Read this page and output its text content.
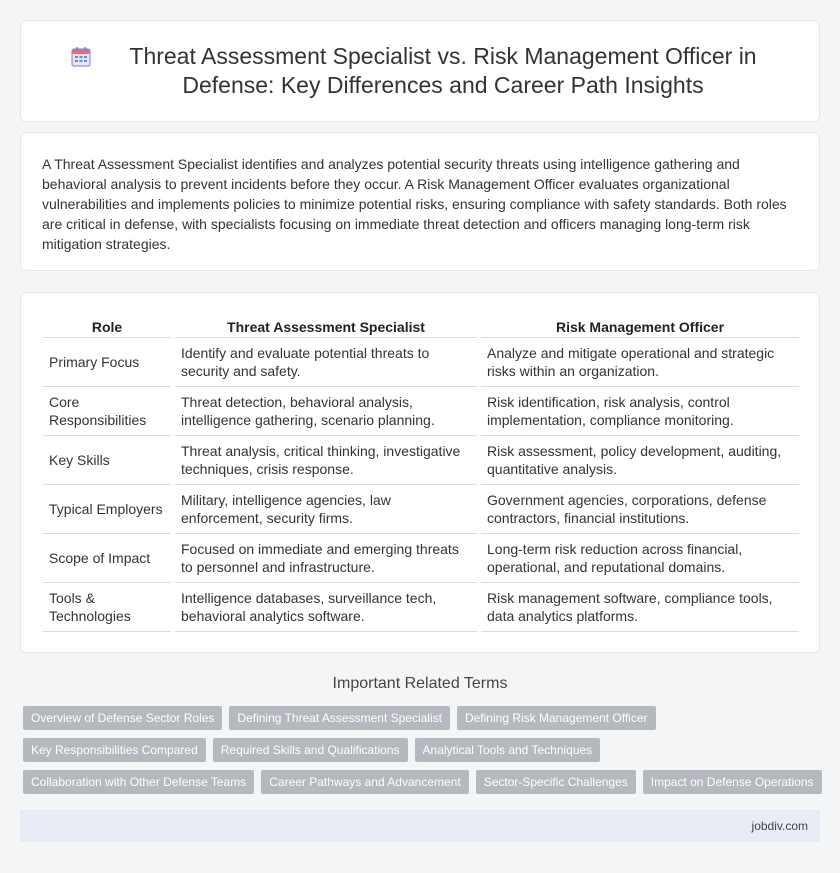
Threat Assessment Specialist vs. Risk Management Officer in Defense: Key Differences and Career Path Insights

A Threat Assessment Specialist identifies and analyzes potential security threats using intelligence gathering and behavioral analysis to prevent incidents before they occur. A Risk Management Officer evaluates organizational vulnerabilities and implements policies to minimize potential risks, ensuring compliance with safety standards. Both roles are critical in defense, with specialists focusing on immediate threat detection and officers managing long-term risk mitigation strategies.

Role	Threat Assessment Specialist	Risk Management Officer
Primary Focus	Identify and evaluate potential threats to security and safety.	Analyze and mitigate operational and strategic risks within an organization.
Core Responsibilities	Threat detection, behavioral analysis, intelligence gathering, scenario planning.	Risk identification, risk analysis, control implementation, compliance monitoring.
Key Skills	Threat analysis, critical thinking, investigative techniques, crisis response.	Risk assessment, policy development, auditing, quantitative analysis.
Typical Employers	Military, intelligence agencies, law enforcement, security firms.	Government agencies, corporations, defense contractors, financial institutions.
Scope of Impact	Focused on immediate and emerging threats to personnel and infrastructure.	Long-term risk reduction across financial, operational, and reputational domains.
Tools & Technologies	Intelligence databases, surveillance tech, behavioral analytics software.	Risk management software, compliance tools, data analytics platforms.
Important Related Terms
Overview of Defense Sector Roles	Defining Threat Assessment Specialist	Defining Risk Management Officer
Key Responsibilities Compared	Required Skills and Qualifications	Analytical Tools and Techniques
Collaboration with Other Defense Teams	Career Pathways and Advancement	Sector-Specific Challenges	Impact on Defense Operations
jobdiv.com
